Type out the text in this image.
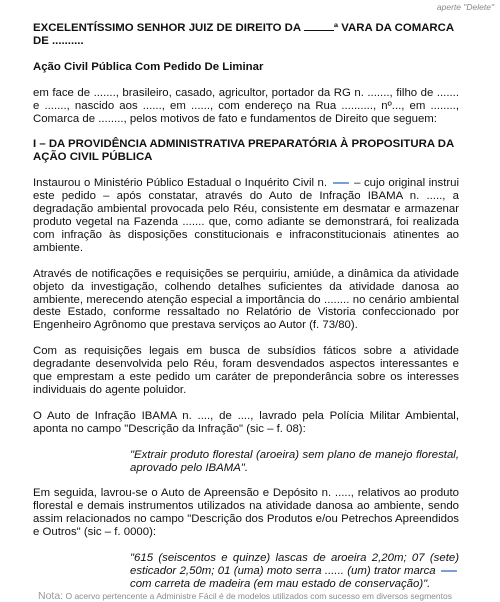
aperte "Delete"

EXCELENTÍSSIMO SENHOR JUIZ DE DIREITO DA	ª VARA DA COMARCA
DE ..........

Ação Civil Pública Com Pedido De Liminar

em face de ......., brasileiro, casado, agricultor, portador da RG n. ......., filho de ....... e ......., nascido aos ......, em ......, com endereço na Rua .........., nº..., em ........, Comarca de ........, pelos motivos de fato e fundamentos de Direito que seguem:

I – DA PROVIDÊNCIA ADMINISTRATIVA PREPARATÓRIA À PROPOSITURA DA AÇÃO CIVIL PÚBLICA

Instaurou o Ministério Público Estadual o Inquérito Civil n. – cujo original instrui este pedido – após constatar, através do Auto de Infração IBAMA n. ....., a degradação ambiental provocada pelo Réu, consistente em desmatar e armazenar produto vegetal na Fazenda ....... que, como adiante se demonstrará, foi realizada com infração às disposições constitucionais e infraconstitucionais atinentes ao ambiente.

Através de notificações e requisições se perquiriu, amiúde, a dinâmica da atividade objeto da investigação, colhendo detalhes suficientes da atividade danosa ao ambiente, merecendo atenção especial a importância do ........ no cenário ambiental deste Estado, conforme ressaltado no Relatório de Vistoria confeccionado por Engenheiro Agrônomo que prestava serviços ao Autor (f. 73/80).

Com as requisições legais em busca de subsídios fáticos sobre a atividade degradante desenvolvida pelo Réu, foram desvendados aspectos interessantes e que emprestam a este pedido um caráter de preponderância sobre os interesses individuais do agente poluidor.

O Auto de Infração IBAMA n. ...., de ...., lavrado pela Polícia Militar Ambiental, aponta no campo "Descrição da Infração" (sic – f. 08):

"Extrair produto florestal (aroeira) sem plano de manejo florestal, aprovado pelo IBAMA".

Em seguida, lavrou-se o Auto de Apreensão e Depósito n. ....., relativos ao produto florestal e demais instrumentos utilizados na atividade danosa ao ambiente, sendo assim relacionados no campo "Descrição dos Produtos e/ou Petrechos Apreendidos e Outros" (sic – f. 0000):

"615 (seiscentos e quinze) lascas de aroeira 2,20m; 07 (sete) esticador 2,50m; 01 (uma) moto serra ...... (um) trator marca  com carreta de madeira (em mau estado de conservação)".

Nota: O acervo pertencente a Administre Fácil é de modelos utilizados com sucesso em diversos segmentos
